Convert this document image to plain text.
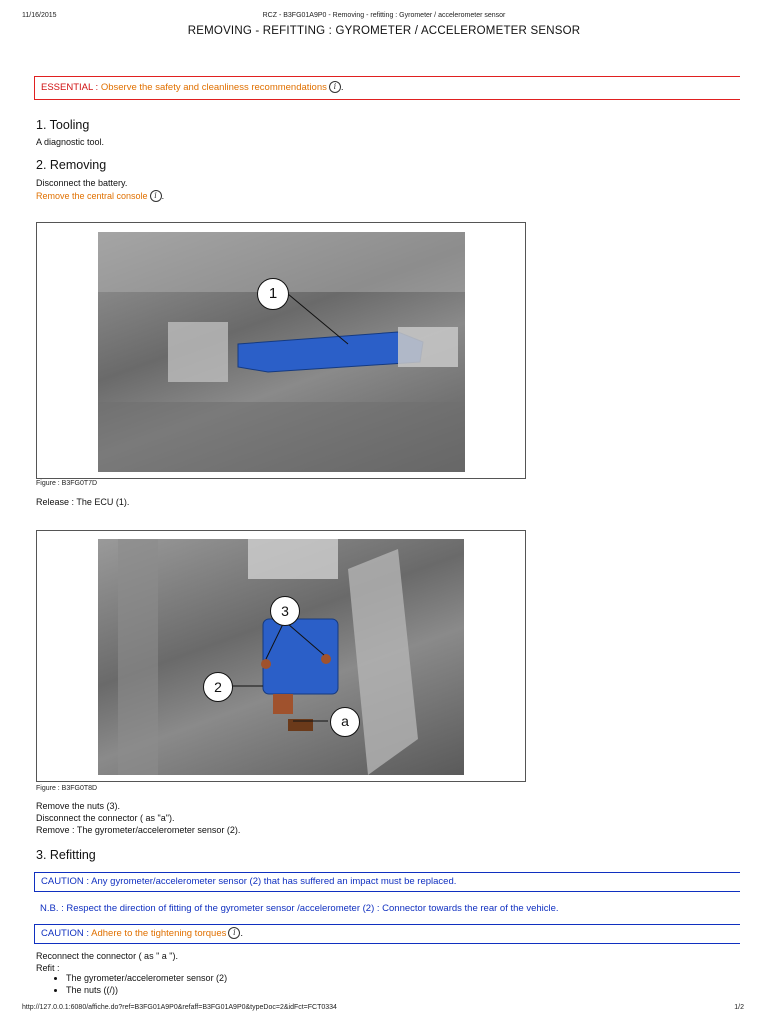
11/16/2015	RCZ - B3FG01A9P0 - Removing - refitting : Gyrometer / accelerometer sensor
REMOVING - REFITTING : GYROMETER / ACCELEROMETER SENSOR
ESSENTIAL : Observe the safety and cleanliness recommendations i .
1. Tooling
A diagnostic tool.
2. Removing
Disconnect the battery.
Remove the central console i .
1
Figure : B3FG0T7D
Release : The ECU (1).
3
2
a
Figure : B3FG0T8D
Remove the nuts (3).
Disconnect the connector ( as "a").
Remove : The gyrometer/accelerometer sensor (2).
3. Refitting
CAUTION : Any gyrometer/accelerometer sensor (2) that has suffered an impact must be replaced.
N.B. : Respect the direction of fitting of the gyrometer sensor /accelerometer (2) : Connector towards the rear of the vehicle.
CAUTION : Adhere to the tightening torques i .
Reconnect the connector ( as " a ").
Refit :
• The gyrometer/accelerometer sensor (2)
• The nuts ((/))
http://127.0.0.1:6080/affiche.do?ref=B3FG01A9P0&refaff=B3FG01A9P0&typeDoc=2&idFct=FCT0334	1/2
